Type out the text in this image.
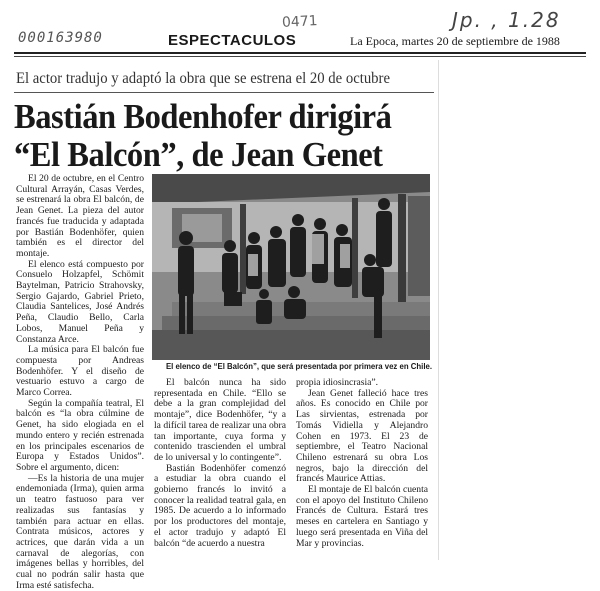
000163980
0471	Jp. , 1.28
ESPECTACULOS	La Epoca, martes 20 de septiembre de 1988
El actor tradujo y adaptó la obra que se estrena el 20 de octubre
Bastián Bodenhofer dirigirá
“El Balcón”, de Jean Genet

El 20 de octubre, en el Centro Cultural Arrayán, Casas Verdes, se estrenará la obra El balcón, de Jean Genet. La pieza del autor francés fue traducida y adaptada por Bastián Bodenhöfer, quien también es el director del montaje.

El elenco está compuesto por Consuelo Holzapfel, Schömit Baytelman, Patricio Strahovsky, Sergio Gajardo, Gabriel Prieto, Claudia Santelices, José Andrés Peña, Claudio Bello, Carla Lobos, Manuel Peña y Constanza Arce.

La música para El balcón fue compuesta por Andreas Bodenhöfer. Y el diseño de vestuario estuvo a cargo de Marco Correa.

Según la compañía teatral, El balcón es “la obra cúlmine de Genet, ha sido elogiada en el mundo entero y recién estrenada en los principales escenarios de Europa y Estados Unidos”. Sobre el argumento, dicen:

—Es la historia de una mujer endemoniada (Irma), quien arma un teatro fastuoso para ver realizadas sus fantasías y también para actuar en ellas. Contrata músicos, actores y actrices, que darán vida a un carnaval de alegorías, con imágenes bellas y horribles, del cual no podrán salir hasta que Irma esté satisfecha.

El elenco de “El Balcón”, que será presentada por primera vez en Chile.

El balcón nunca ha sido representada en Chile. “Ello se debe a la gran complejidad del montaje”, dice Bodenhöfer, “y a la difícil tarea de realizar una obra tan importante, cuya forma y contenido trascienden el umbral de lo universal y lo contingente”.

Bastián Bodenhöfer comenzó a estudiar la obra cuando el gobierno francés lo invitó a conocer la realidad teatral gala, en 1985. De acuerdo a lo informado por los productores del montaje, el actor tradujo y adaptó El balcón “de acuerdo a nuestra

propia idiosincrasia”.

Jean Genet falleció hace tres años. Es conocido en Chile por Las sirvientas, estrenada por Tomás Vidiella y Alejandro Cohen en 1973. El 23 de septiembre, el Teatro Nacional Chileno estrenará su obra Los negros, bajo la dirección del francés Maurice Attias.

El montaje de El balcón cuenta con el apoyo del Instituto Chileno Francés de Cultura. Estará tres meses en cartelera en Santiago y luego será presentada en Viña del Mar y provincias.
